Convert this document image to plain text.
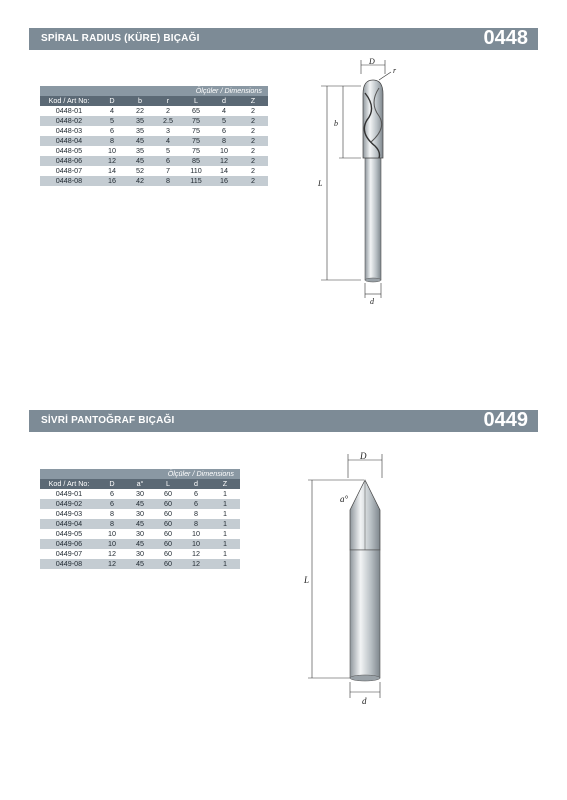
SPİRAL RADIUS (KÜRE) BIÇAĞI	0448
Ölçüler / Dimensions						
Kod / Art No:	D	b	r	L	d	Z
0448-01	4	22	2	65	4	2
0448-02	5	35	2.5	75	5	2
0448-03	6	35	3	75	6	2
0448-04	8	45	4	75	8	2
0448-05	10	35	5	75	10	2
0448-06	12	45	6	85	12	2
0448-07	14	52	7	110	14	2
0448-08	16	42	8	115	16	2
D
r
b
L
d
SİVRİ PANTOĞRAF BIÇAĞI	0449
Ölçüler / Dimensions					
Kod / Art No:	D	a°	L	d	Z
0449-01	6	30	60	6	1
0449-02	6	45	60	6	1
0449-03	8	30	60	8	1
0449-04	8	45	60	8	1
0449-05	10	30	60	10	1
0449-06	10	45	60	10	1
0449-07	12	30	60	12	1
0449-08	12	45	60	12	1
D
a°
L
d
